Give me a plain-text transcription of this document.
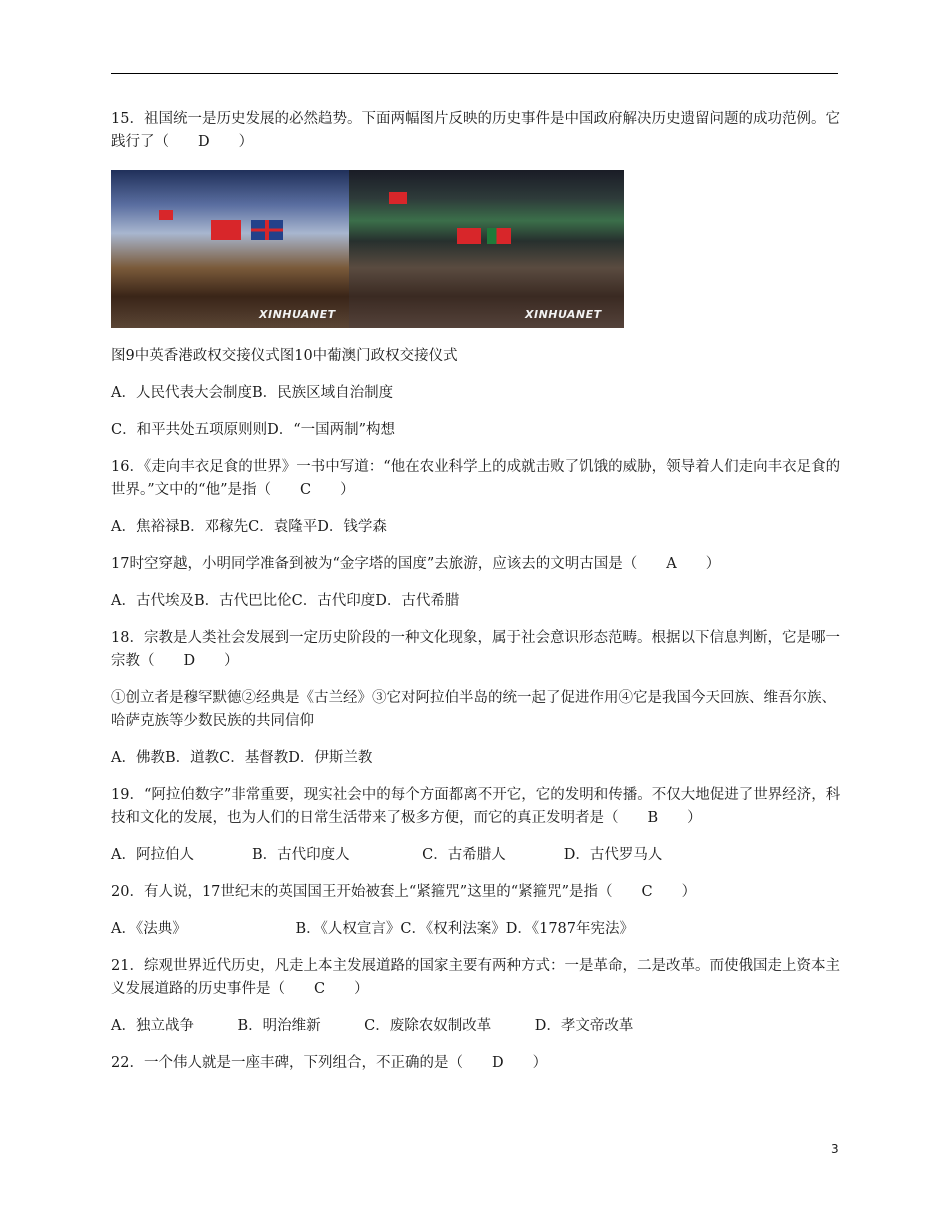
15．祖国统一是历史发展的必然趋势。下面两幅图片反映的历史事件是中国政府解决历史遗留问题的成功范例。它践行了（　　D　　）

XINHUANET	XINHUANET
图9中英香港政权交接仪式图10中葡澳门政权交接仪式

A．人民代表大会制度B．民族区域自治制度

C．和平共处五项原则则D．“一国两制”构想

16．《走向丰衣足食的世界》一书中写道：“他在农业科学上的成就击败了饥饿的威胁，领导着人们走向丰衣足食的世界。”文中的“他”是指（　　C　　）

A．焦裕禄B．邓稼先C．袁隆平D．钱学森

17时空穿越，小明同学准备到被为“金字塔的国度”去旅游，应该去的文明古国是（　　A　　）

A．古代埃及B．古代巴比伦C．古代印度D．古代希腊

18．宗教是人类社会发展到一定历史阶段的一种文化现象，属于社会意识形态范畴。根据以下信息判断，它是哪一宗教（　　D　　）

①创立者是穆罕默德②经典是《古兰经》③它对阿拉伯半岛的统一起了促进作用④它是我国今天回族、维吾尔族、哈萨克族等少数民族的共同信仰

A．佛教B．道教C．基督教D．伊斯兰教

19．“阿拉伯数字”非常重要，现实社会中的每个方面都离不开它，它的发明和传播。不仅大地促进了世界经济，科技和文化的发展，也为人们的日常生活带来了极多方便，而它的真正发明者是（　　B　　）

A．阿拉伯人　　　　B．古代印度人　　　　　C．古希腊人　　　　D．古代罗马人

20．有人说，17世纪末的英国国王开始被套上“紧箍咒”这里的“紧箍咒”是指（　　C　　）

A．《法典》　　　　　　　　B．《人权宣言》C．《权利法案》D．《1787年宪法》

21．综观世界近代历史，凡走上本主发展道路的国家主要有两种方式：一是革命，二是改革。而使俄国走上资本主义发展道路的历史事件是（　　C　　）

A．独立战争　　　B．明治维新　　　C．废除农奴制改革　　　D．孝文帝改革

22．一个伟人就是一座丰碑，下列组合，不正确的是（　　D　　）

3
